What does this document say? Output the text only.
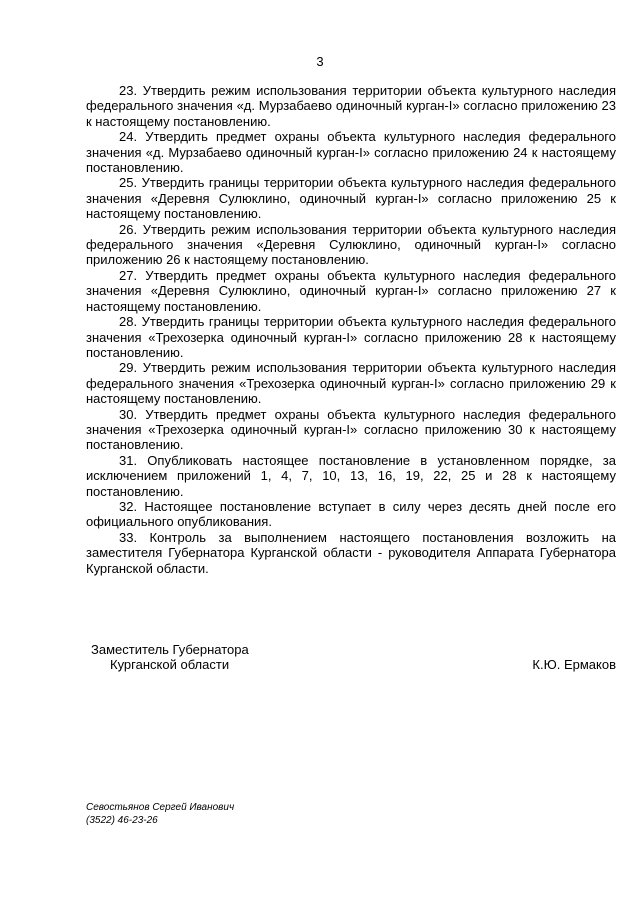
3

23. Утвердить режим использования территории объекта культурного наследия федерального значения «д. Мурзабаево одиночный курган-I» согласно приложению 23 к настоящему постановлению.

24. Утвердить предмет охраны объекта культурного наследия федерального значения «д. Мурзабаево одиночный курган-I» согласно приложению 24 к настоящему постановлению.

25. Утвердить границы территории объекта культурного наследия федерального значения «Деревня Сулюклино, одиночный курган-I» согласно приложению 25 к настоящему постановлению.

26. Утвердить режим использования территории объекта культурного наследия федерального значения «Деревня Сулюклино, одиночный курган-I» согласно приложению 26 к настоящему постановлению.

27. Утвердить предмет охраны объекта культурного наследия федерального значения «Деревня Сулюклино, одиночный курган-I» согласно приложению 27 к настоящему постановлению.

28. Утвердить границы территории объекта культурного наследия федерального значения «Трехозерка одиночный курган-I» согласно приложению 28 к настоящему постановлению.

29. Утвердить режим использования территории объекта культурного наследия федерального значения «Трехозерка одиночный курган-I» согласно приложению 29 к настоящему постановлению.

30. Утвердить предмет охраны объекта культурного наследия федерального значения «Трехозерка одиночный курган-I» согласно приложению 30 к настоящему постановлению.

31. Опубликовать настоящее постановление в установленном порядке, за исключением приложений 1, 4, 7, 10, 13, 16, 19, 22, 25 и 28 к настоящему постановлению.

32. Настоящее постановление вступает в силу через десять дней после его официального опубликования.

33. Контроль за выполнением настоящего постановления возложить на заместителя Губернатора Курганской области - руководителя Аппарата Губернатора Курганской области.

Заместитель Губернатора
Курганской области	К.Ю. Ермаков
Севостьянов Сергей Иванович
(3522) 46-23-26
